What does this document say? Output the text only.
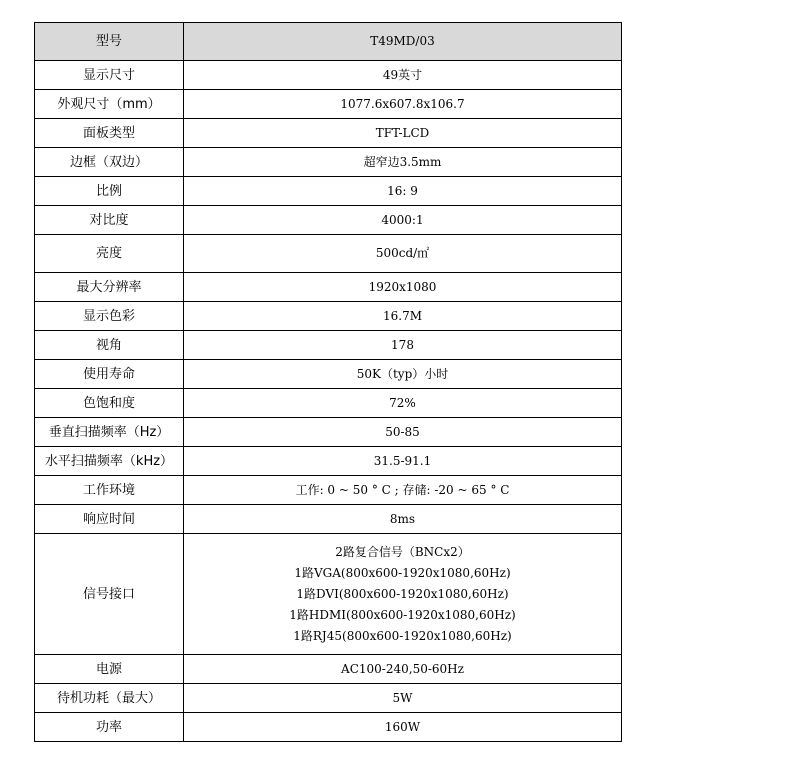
型号	T49MD/03
显示尺寸	49英寸
外观尺寸（mm）	1077.6x607.8x106.7
面板类型	TFT-LCD
边框（双边）	超窄边3.5mm
比例	16: 9
对比度	4000:1
亮度	500cd/㎡
最大分辨率	1920x1080
显示色彩	16.7M
视角	178
使用寿命	50K（typ）小时
色饱和度	72%
垂直扫描频率（Hz）	50-85
水平扫描频率（kHz）	31.5-91.1
工作环境	工作: 0 ~ 50 ° C ; 存储: -20 ~ 65 ° C
响应时间	8ms
信号接口	2路复合信号（BNCx2）
1路VGA(800x600-1920x1080,60Hz)
1路DVI(800x600-1920x1080,60Hz)
1路HDMI(800x600-1920x1080,60Hz)
1路RJ45(800x600-1920x1080,60Hz)

电源	AC100-240,50-60Hz
待机功耗（最大）	5W
功率	160W
